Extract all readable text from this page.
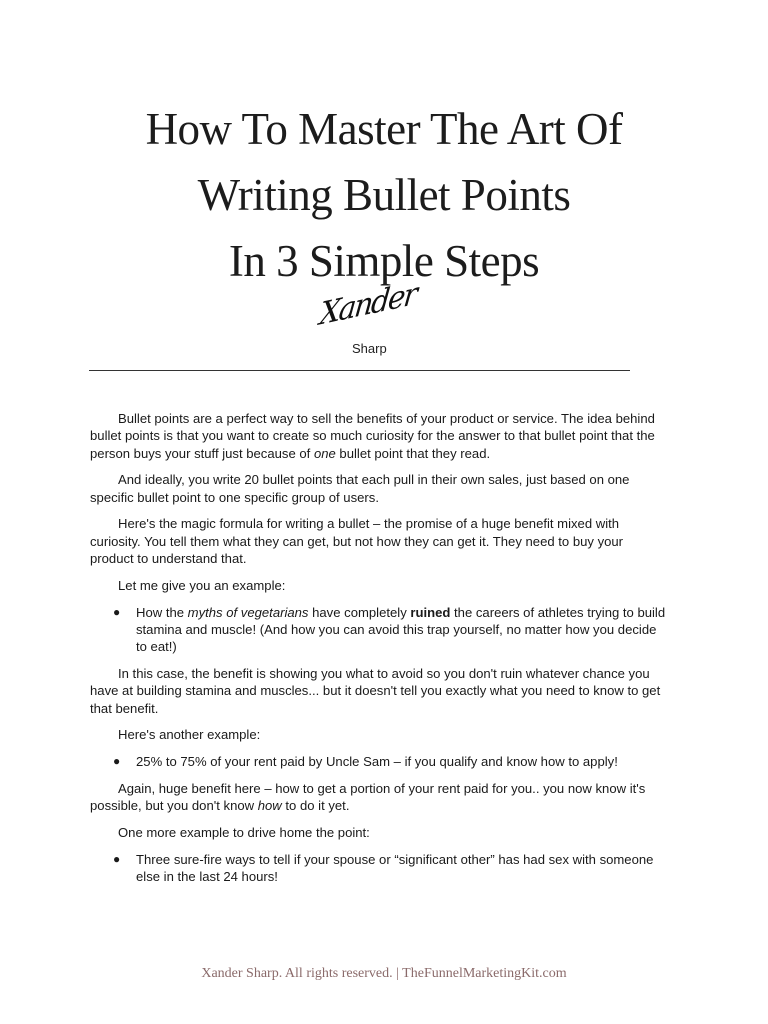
How To Master The Art Of
Writing Bullet Points
In 3 Simple Steps
Xander
Sharp

Bullet points are a perfect way to sell the benefits of your product or service. The idea behind bullet points is that you want to create so much curiosity for the answer to that bullet point that the person buys your stuff just because of one bullet point that they read.

And ideally, you write 20 bullet points that each pull in their own sales, just based on one specific bullet point to one specific group of users.

Here's the magic formula for writing a bullet – the promise of a huge benefit mixed with curiosity. You tell them what they can get, but not how they can get it. They need to buy your product to understand that.

Let me give you an example:

● How the myths of vegetarians have completely ruined the careers of athletes trying to build stamina and muscle! (And how you can avoid this trap yourself, no matter how you decide to eat!)

In this case, the benefit is showing you what to avoid so you don't ruin whatever chance you have at building stamina and muscles... but it doesn't tell you exactly what you need to know to get that benefit.

Here's another example:

● 25% to 75% of your rent paid by Uncle Sam – if you qualify and know how to apply!

Again, huge benefit here – how to get a portion of your rent paid for you.. you now know it's possible, but you don't know how to do it yet.

One more example to drive home the point:

● Three sure-fire ways to tell if your spouse or “significant other” has had sex with someone else in the last 24 hours!
Xander Sharp. All rights reserved. | TheFunnelMarketingKit.com
